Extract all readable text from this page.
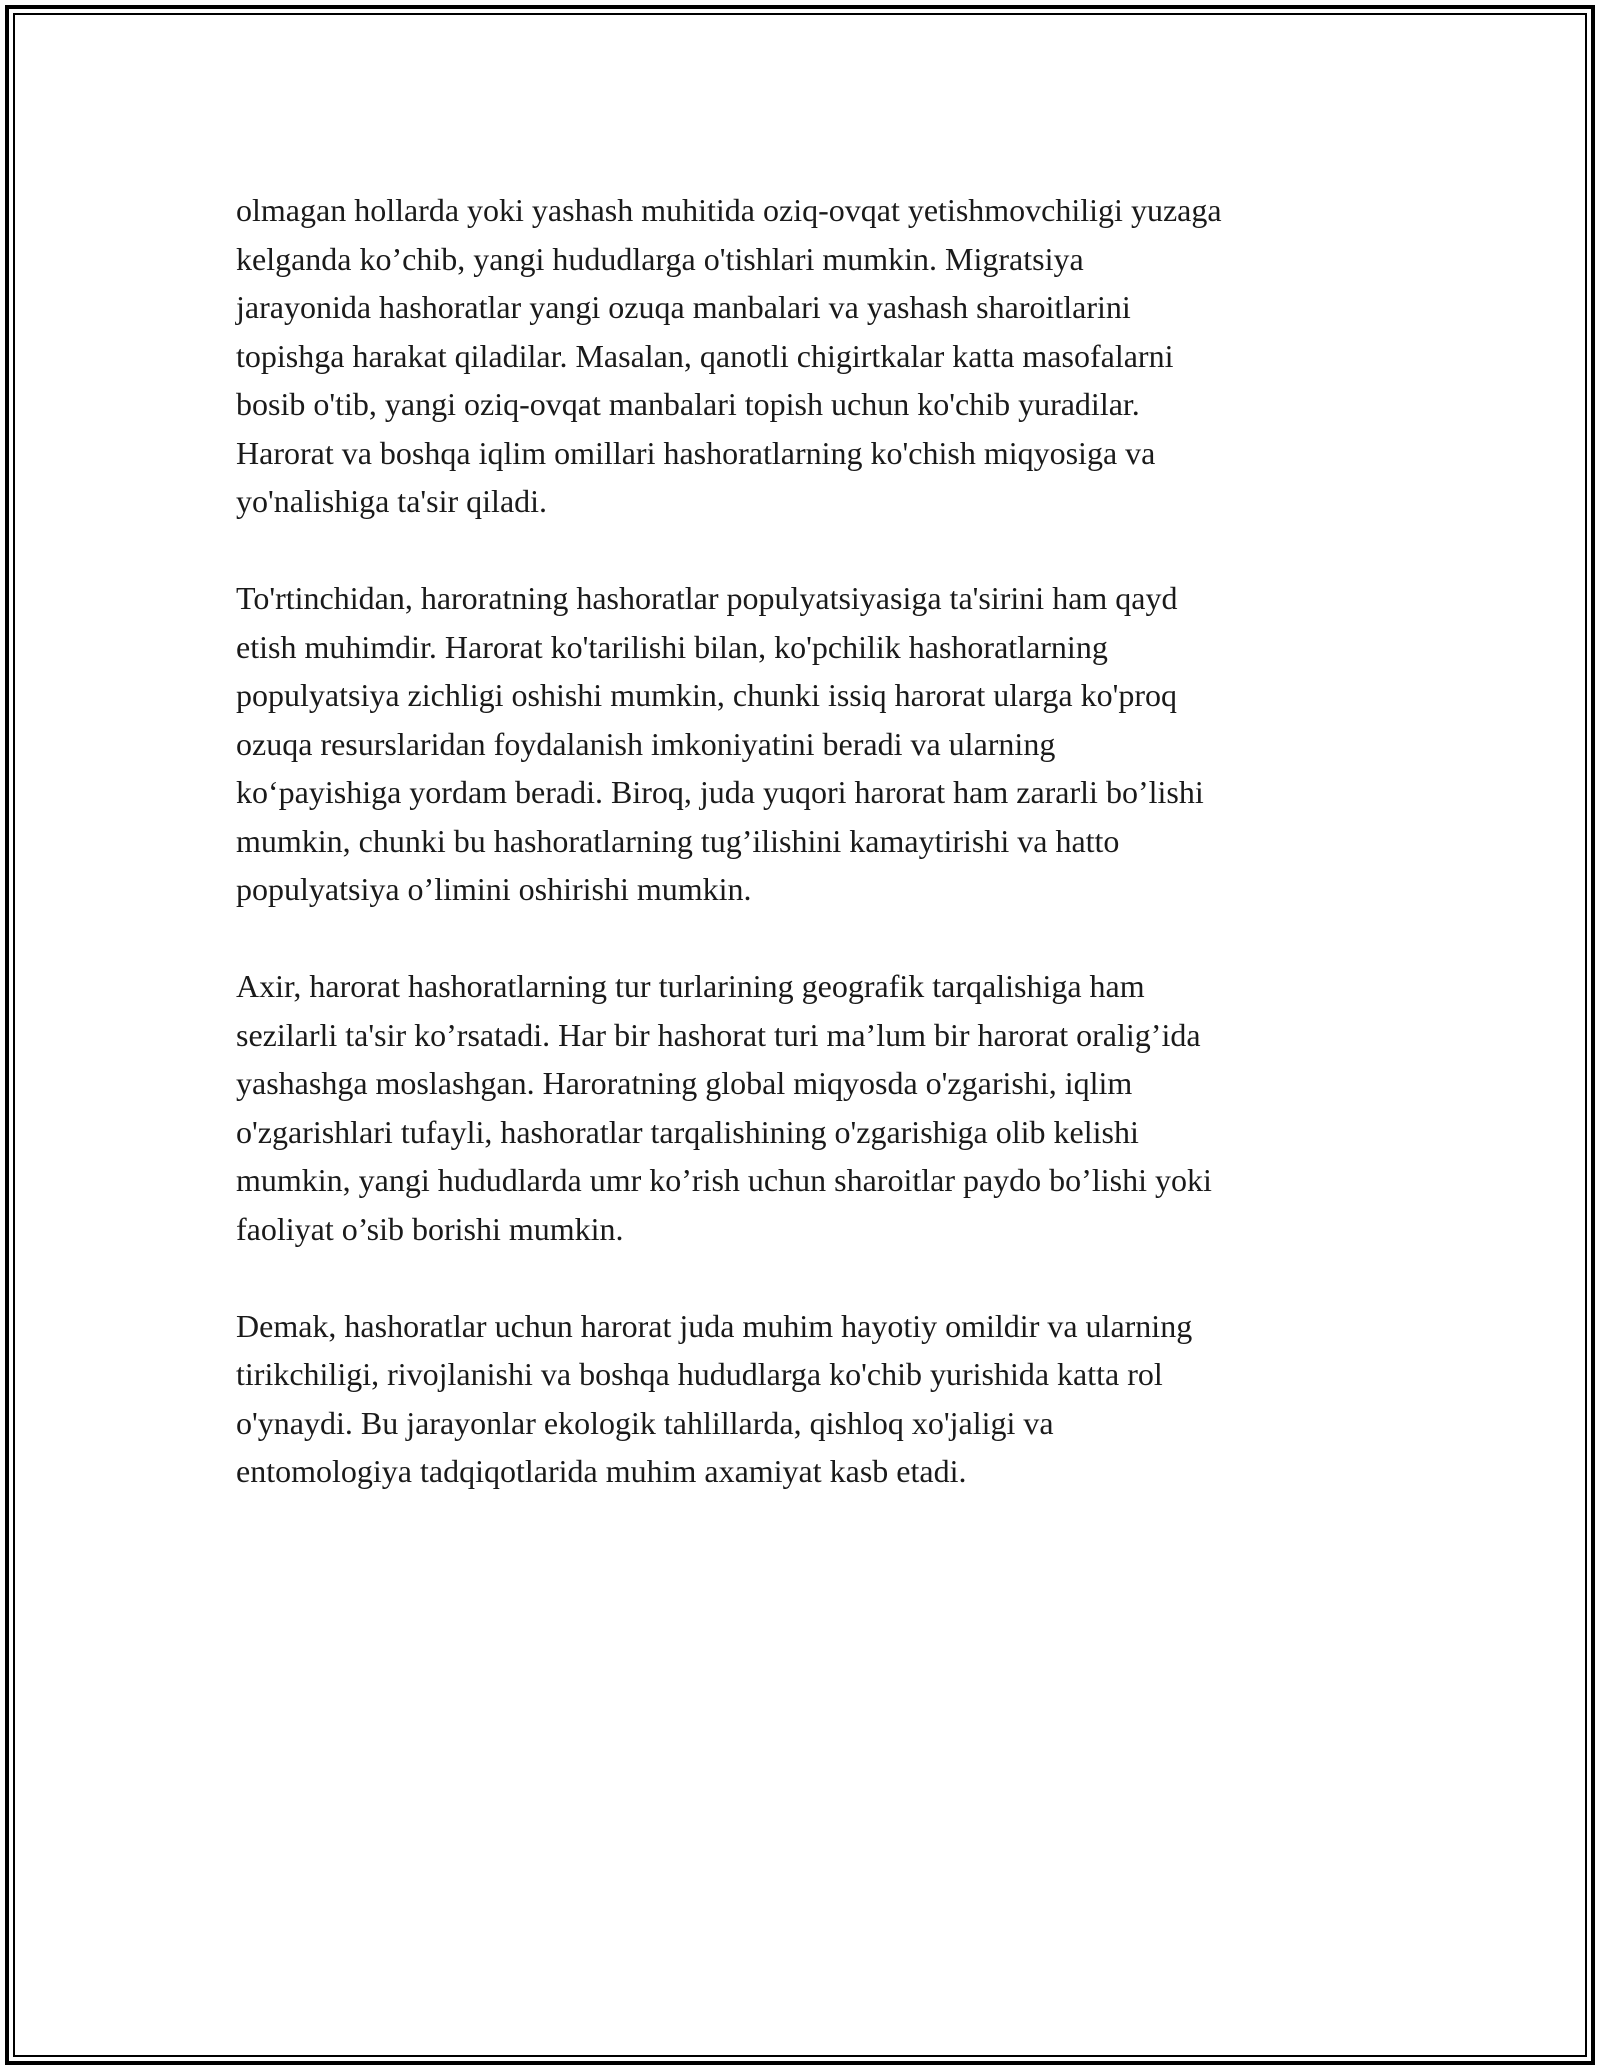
olmagan hollarda yoki yashash muhitida oziq-ovqat yetishmovchiligi yuzaga
kelganda ko’chib, yangi hududlarga o'tishlari mumkin. Migratsiya
jarayonida hashoratlar yangi ozuqa manbalari va yashash sharoitlarini
topishga harakat qiladilar. Masalan, qanotli chigirtkalar katta masofalarni
bosib o'tib, yangi oziq-ovqat manbalari topish uchun ko'chib yuradilar.
Harorat va boshqa iqlim omillari hashoratlarning ko'chish miqyosiga va
yo'nalishiga ta'sir qiladi.

To'rtinchidan, haroratning hashoratlar populyatsiyasiga ta'sirini ham qayd
etish muhimdir. Harorat ko'tarilishi bilan, ko'pchilik hashoratlarning
populyatsiya zichligi oshishi mumkin, chunki issiq harorat ularga ko'proq
ozuqa resurslaridan foydalanish imkoniyatini beradi va ularning
ko‘payishiga yordam beradi. Biroq, juda yuqori harorat ham zararli bo’lishi
mumkin, chunki bu hashoratlarning tug’ilishini kamaytirishi va hatto
populyatsiya o’limini oshirishi mumkin.

Axir, harorat hashoratlarning tur turlarining geografik tarqalishiga ham
sezilarli ta'sir ko’rsatadi. Har bir hashorat turi ma’lum bir harorat oralig’ida
yashashga moslashgan. Haroratning global miqyosda o'zgarishi, iqlim
o'zgarishlari tufayli, hashoratlar tarqalishining o'zgarishiga olib kelishi
mumkin, yangi hududlarda umr ko’rish uchun sharoitlar paydo bo’lishi yoki
faoliyat o’sib borishi mumkin.

Demak, hashoratlar uchun harorat juda muhim hayotiy omildir va ularning
tirikchiligi, rivojlanishi va boshqa hududlarga ko'chib yurishida katta rol
o'ynaydi. Bu jarayonlar ekologik tahlillarda, qishloq xo'jaligi va
entomologiya tadqiqotlarida muhim axamiyat kasb etadi.
